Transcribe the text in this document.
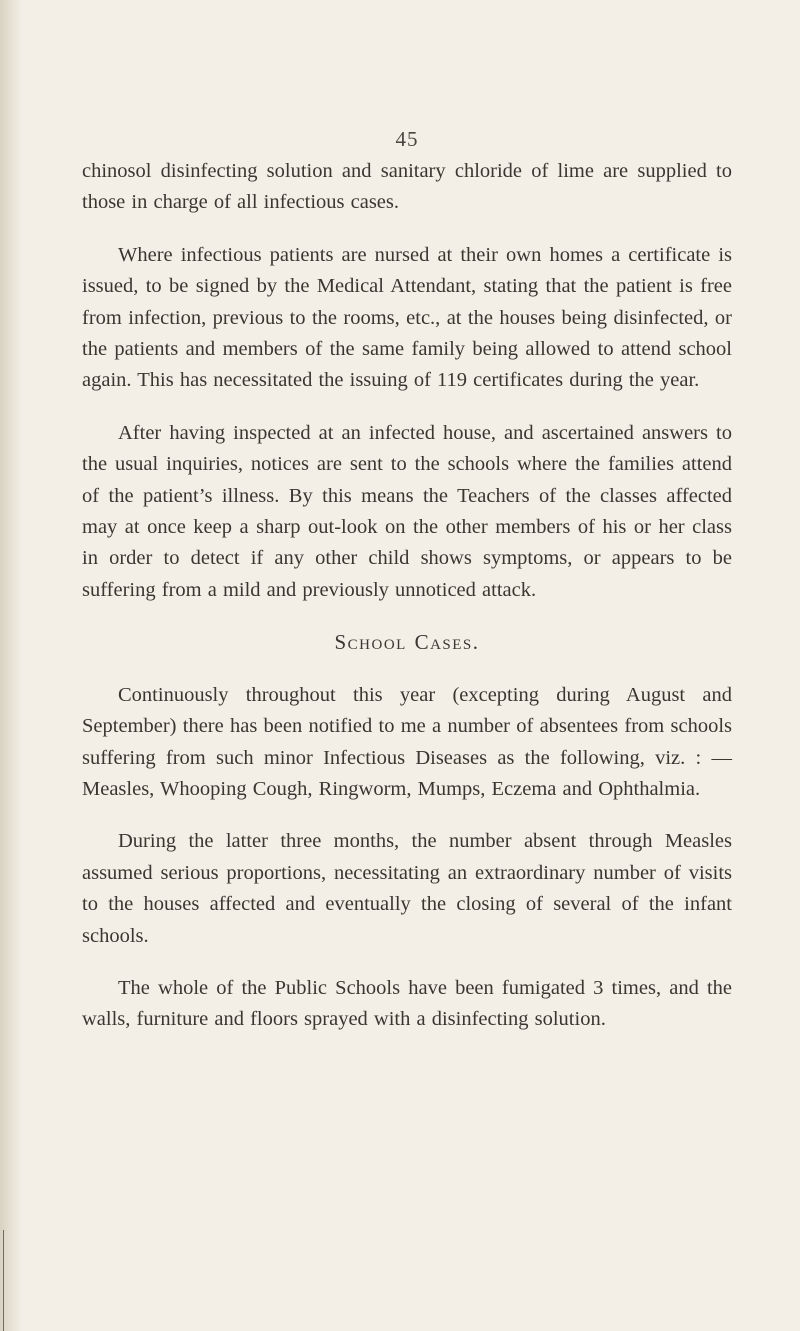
45

chinosol disinfecting solution and sanitary chloride of lime are supplied to those in charge of all infectious cases.

Where infectious patients are nursed at their own homes a certificate is issued, to be signed by the Medical Attendant, stating that the patient is free from infection, previous to the rooms, etc., at the houses being disinfected, or the patients and members of the same family being allowed to attend school again. This has necessitated the issuing of 119 certificates during the year.

After having inspected at an infected house, and ascertained answers to the usual inquiries, notices are sent to the schools where the families attend of the patient’s illness. By this means the Teachers of the classes affected may at once keep a sharp out-look on the other members of his or her class in order to detect if any other child shows symptoms, or appears to be suffering from a mild and previously unnoticed attack.

School Cases.

Continuously throughout this year (excepting during August and September) there has been notified to me a number of absentees from schools suffering from such minor Infectious Diseases as the following, viz. : — Measles, Whooping Cough, Ringworm, Mumps, Eczema and Ophthalmia.

During the latter three months, the number absent through Measles assumed serious proportions, necessitating an extraordinary number of visits to the houses affected and eventually the closing of several of the infant schools.

The whole of the Public Schools have been fumigated 3 times, and the walls, furniture and floors sprayed with a disinfecting solution.
